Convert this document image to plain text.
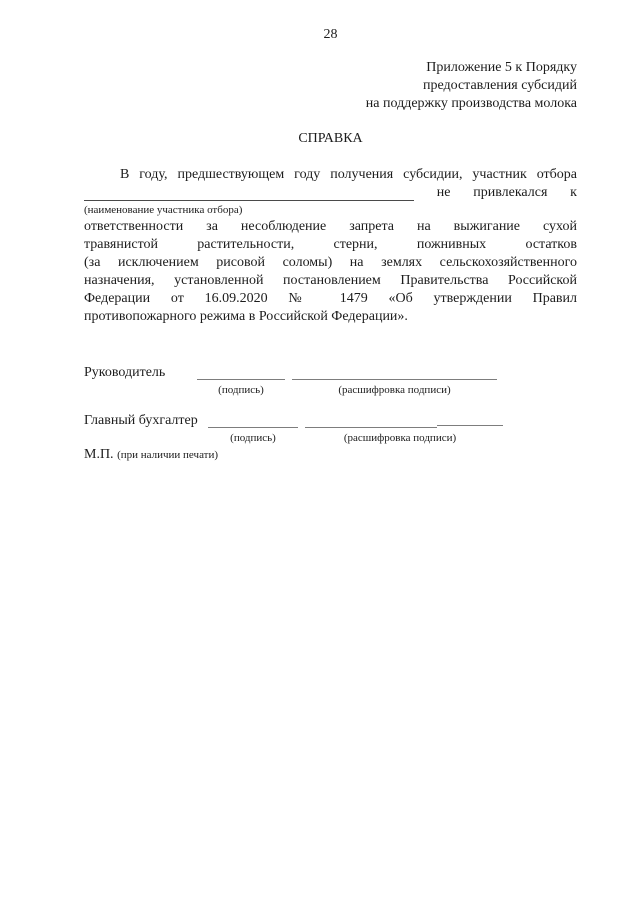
28
Приложение 5 к Порядку
предоставления субсидий
на поддержку производства молока
СПРАВКА
В году, предшествующем году получения субсидии, участник отбора
не привлекался к
(наименование участника отбора)
ответственности за несоблюдение запрета на выжигание сухой
травянистой растительности, стерни, пожнивных остатков
(за исключением рисовой соломы) на землях сельскохозяйственного
назначения, установленной постановлением Правительства Российской
Федерации от 16.09.2020 № 1479 «Об утверждении Правил
противопожарного режима в Российской Федерации».
Руководитель
(подпись)	(расшифровка подписи)
Главный бухгалтер
(подпись)	(расшифровка подписи)
М.П. (при наличии печати)
